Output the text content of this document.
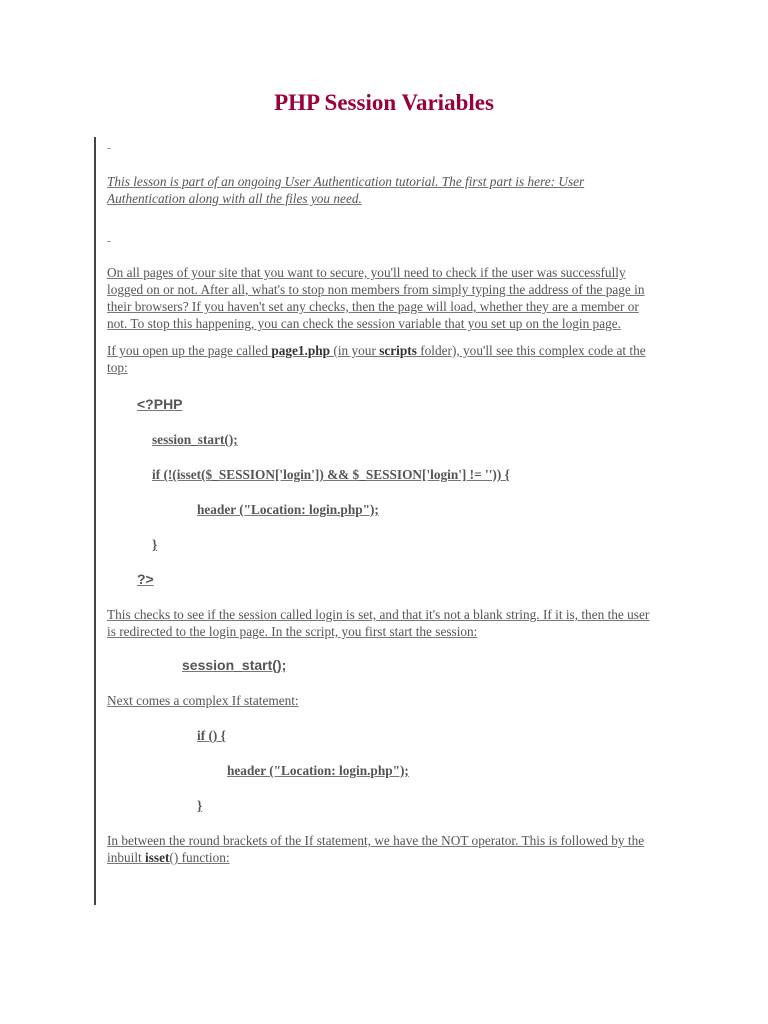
PHP Session Variables
-

This lesson is part of an ongoing User Authentication tutorial. The first part is here: User Authentication along with all the files you need.

-

On all pages of your site that you want to secure, you'll need to check if the user was successfully logged on or not. After all, what's to stop non members from simply typing the address of the page in their browsers? If you haven't set any checks, then the page will load, whether they are a member or not. To stop this happening, you can check the session variable that you set up on the login page.

If you open up the page called page1.php (in your scripts folder), you'll see this complex code at the top:

<?PHP
session_start();
if (!(isset($_SESSION['login']) && $_SESSION['login'] != '')) {
header ("Location: login.php");
}
?>

This checks to see if the session called login is set, and that it's not a blank string. If it is, then the user is redirected to the login page. In the script, you first start the session:

session_start();

Next comes a complex If statement:

if () {
header ("Location: login.php");
}

In between the round brackets of the If statement, we have the NOT operator. This is followed by the inbuilt isset() function:
